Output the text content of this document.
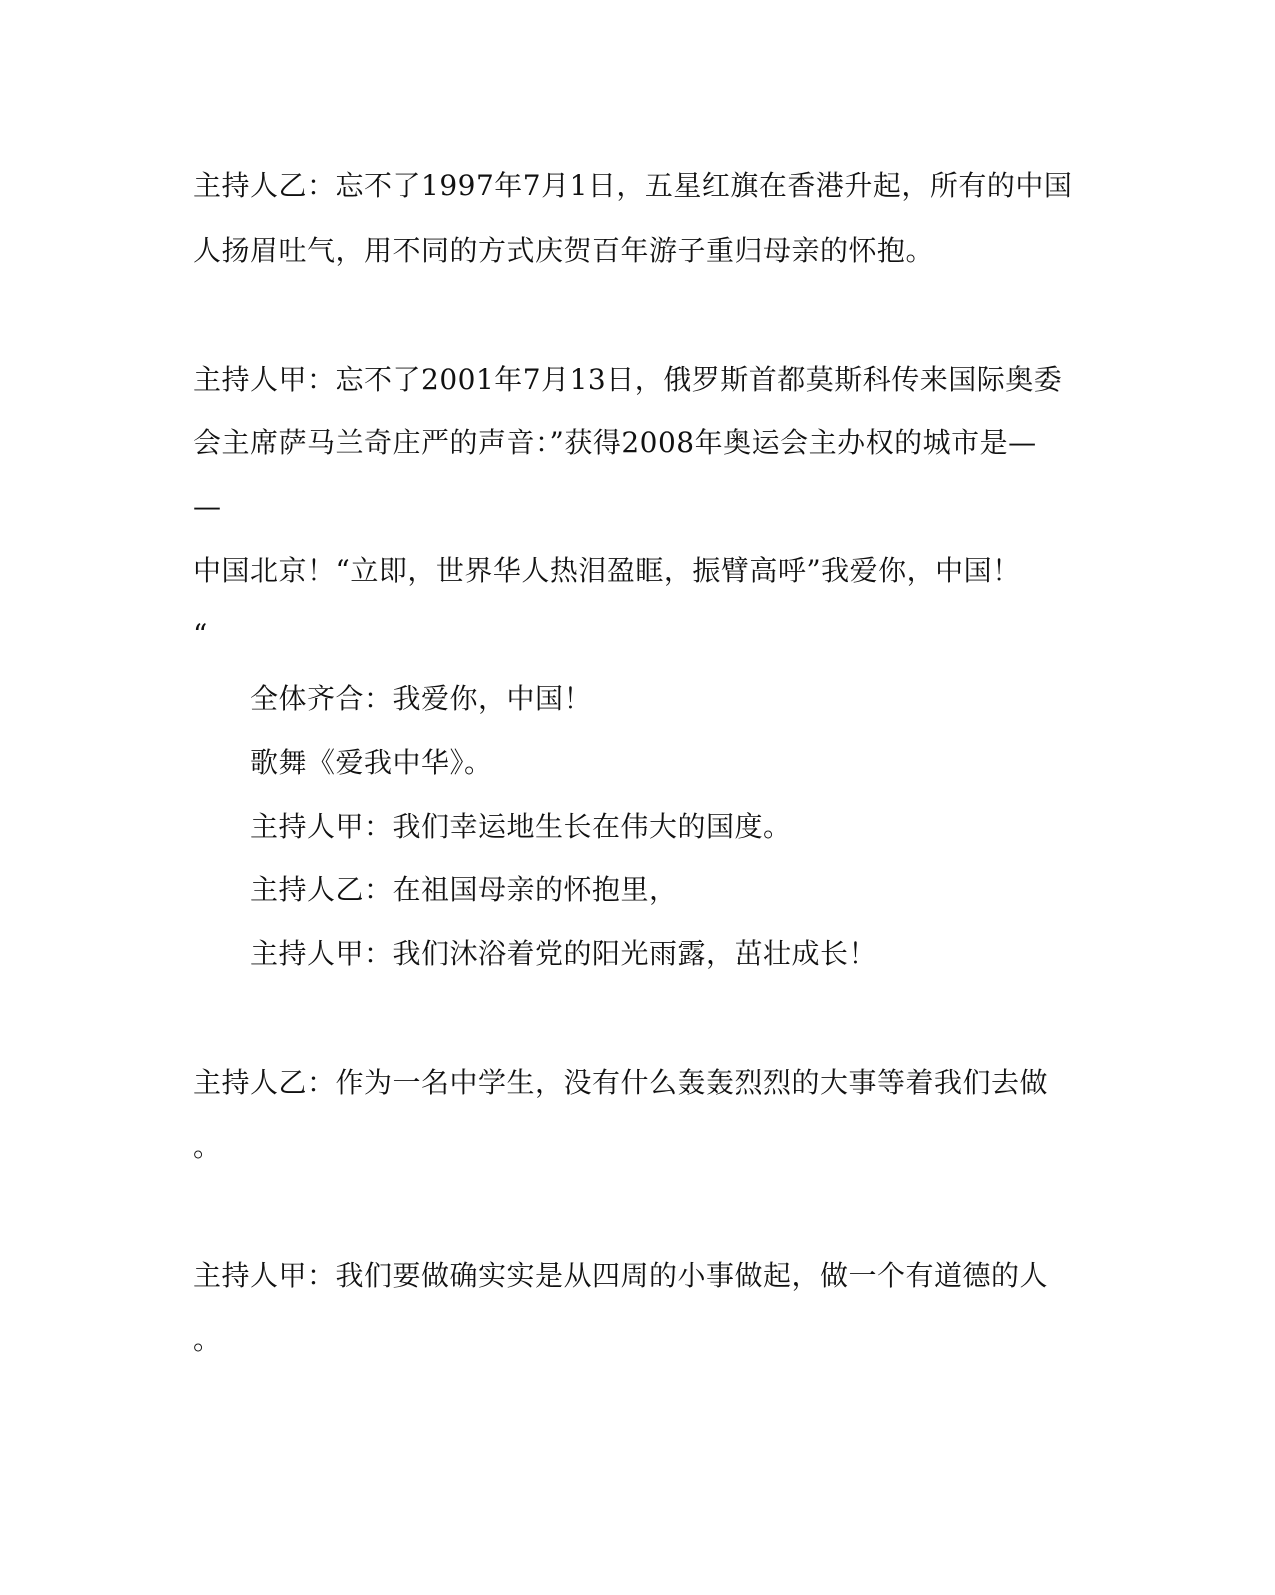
主持人乙：忘不了1997年7月1日，五星红旗在香港升起，所有的中国
人扬眉吐气，用不同的方式庆贺百年游子重归母亲的怀抱。
主持人甲：忘不了2001年7月13日，俄罗斯首都莫斯科传来国际奥委
会主席萨马兰奇庄严的声音：”获得2008年奥运会主办权的城市是—
—
中国北京！“立即，世界华人热泪盈眶，振臂高呼”我爱你，中国！
“
全体齐合：我爱你，中国！
歌舞《爱我中华》。
主持人甲：我们幸运地生长在伟大的国度。
主持人乙：在祖国母亲的怀抱里，
主持人甲：我们沐浴着党的阳光雨露，茁壮成长！
主持人乙：作为一名中学生，没有什么轰轰烈烈的大事等着我们去做
。
主持人甲：我们要做确实实是从四周的小事做起，做一个有道德的人
。
